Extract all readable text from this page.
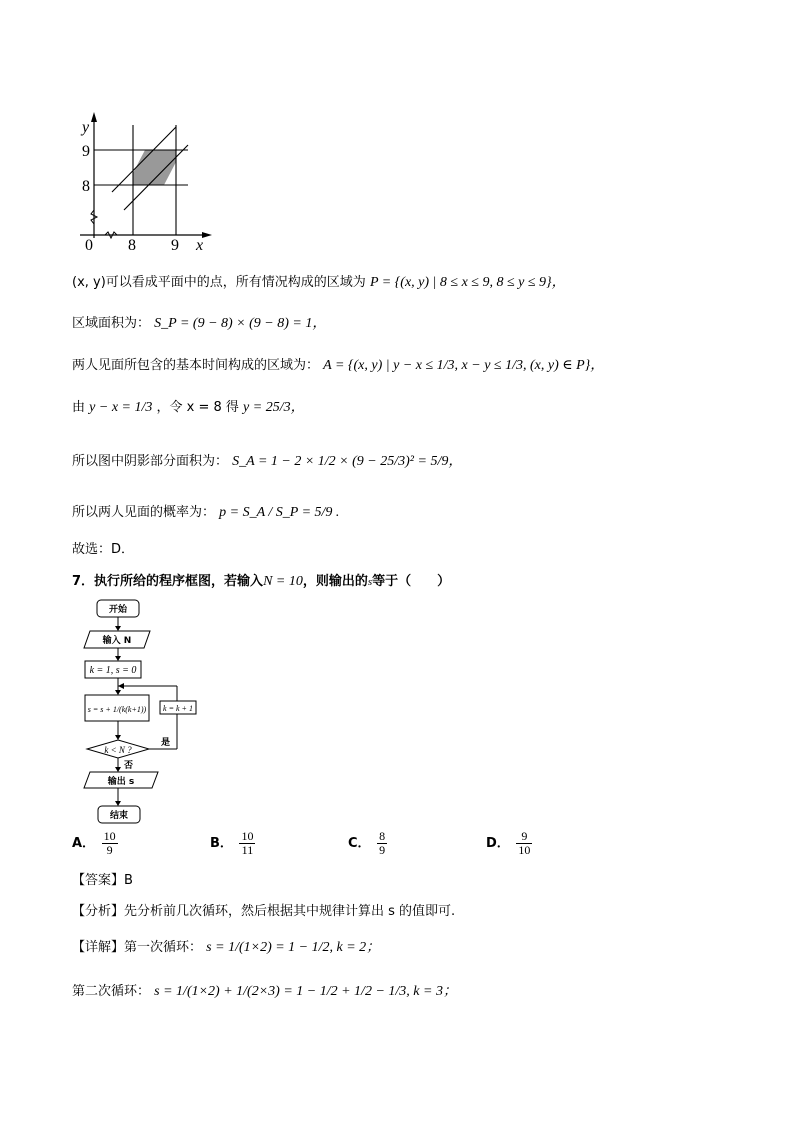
y
x
0 8 9
9
8
(x, y)可以看成平面中的点，所有情况构成的区域为 P = {(x, y) | 8 ≤ x ≤ 9, 8 ≤ y ≤ 9}，
区域面积为： S_P = (9 − 8) × (9 − 8) = 1，
两人见面所包含的基本时间构成的区域为： A = {(x, y) | y − x ≤ 1/3, x − y ≤ 1/3, (x, y) ∈ P}，
由 y − x = 1/3 ，令 x = 8 得 y = 25/3，
所以图中阴影部分面积为： S_A = 1 − 2 × 1/2 × (9 − 25/3)² = 5/9，
所以两人见面的概率为： p = S_A / S_P = 5/9 .
故选：D．
7．执行所给的程序框图，若输入N = 10，则输出的s等于（　　）
开始
输入 N
k = 1, s = 0
s = s + 1/(k(k+1)) k = k + 1
是
k < N ?
否
输出 s
结束
A． $\frac{10}{9}$	B． $\frac{10}{11}$	C． $\frac{8}{9}$	D． $\frac{9}{10}$
【答案】B
【分析】先分析前几次循环，然后根据其中规律计算出 s 的值即可.
【详解】第一次循环： s = 1/(1×2) = 1 − 1/2, k = 2；
第二次循环： s = 1/(1×2) + 1/(2×3) = 1 − 1/2 + 1/2 − 1/3, k = 3；
